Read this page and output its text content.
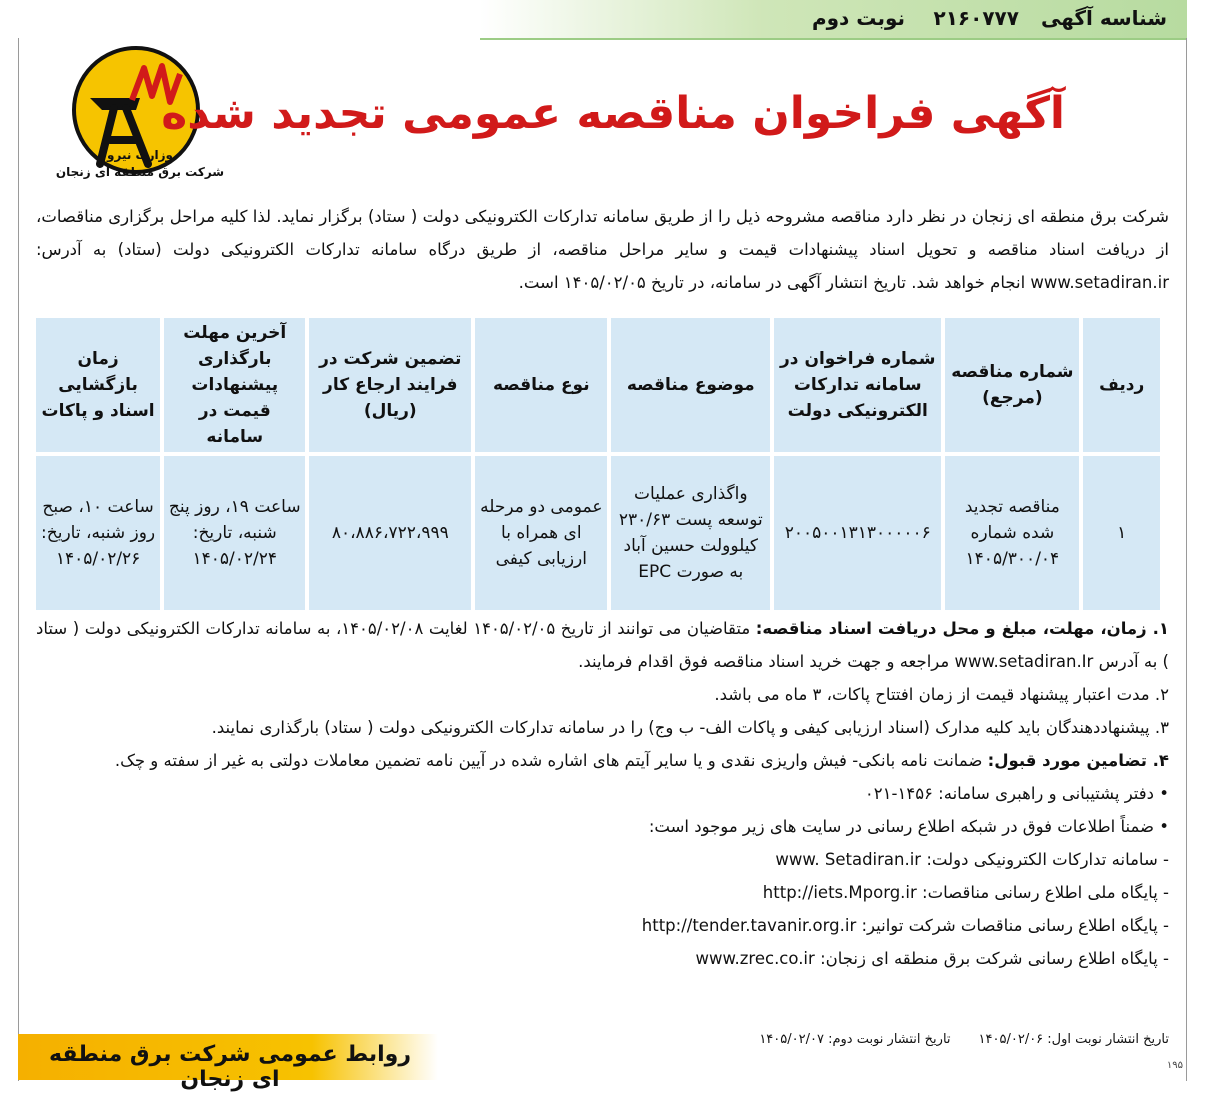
شناسه آگهی۲۱۶۰۷۷۷
نوبت دوم
وزارت نیرو
شرکت برق منطقه ای زنجان
آگهی فراخوان مناقصه عمومی تجدید شده
شرکت برق منطقه ای زنجان در نظر دارد مناقصه مشروحه ذیل را از طریق سامانه تدارکات الکترونیکی دولت ( ستاد) برگزار نماید. لذا کلیه مراحل برگزاری مناقصات، از دریافت اسناد مناقصه و تحویل اسناد پیشنهادات قیمت و سایر مراحل مناقصه، از طریق درگاه سامانه تدارکات الکترونیکی دولت (ستاد) به آدرس: www.setadiran.ir انجام خواهد شد. تاریخ انتشار آگهی در سامانه، در تاریخ ۱۴۰۵/۰۲/۰۵ است.
ردیف	شماره مناقصه (مرجع)	شماره فراخوان در سامانه تدارکات الکترونیکی دولت	موضوع مناقصه	نوع مناقصه	تضمین شرکت در فرایند ارجاع کار (ریال)	آخرین مهلت بارگذاری پیشنهادات قیمت در سامانه	زمان بازگشایی اسناد و پاکات
۱	مناقصه تجدید شده شماره ۱۴۰۵/۳۰۰/۰۴	۲۰۰۵۰۰۱۳۱۳۰۰۰۰۰۶	واگذاری عملیات توسعه پست ۲۳۰/۶۳ کیلوولت حسین آباد به صورت EPC	عمومی دو مرحله ای همراه با ارزیابی کیفی	۸۰،۸۸۶،۷۲۲،۹۹۹	ساعت ۱۹، روز پنج شنبه، تاریخ: ۱۴۰۵/۰۲/۲۴	ساعت ۱۰، صبح روز شنبه، تاریخ: ۱۴۰۵/۰۲/۲۶

۱. زمان، مهلت، مبلغ و محل دریافت اسناد مناقصه: متقاضیان می توانند از تاریخ ۱۴۰۵/۰۲/۰۵ لغایت ۱۴۰۵/۰۲/۰۸، به سامانه تدارکات الکترونیکی دولت ( ستاد ) به آدرس www.setadiran.Ir مراجعه و جهت خرید اسناد مناقصه فوق اقدام فرمایند.

۲. مدت اعتبار پیشنهاد قیمت از زمان افتتاح پاکات، ۳ ماه می باشد.

۳. پیشنهاددهندگان باید کلیه مدارک (اسناد ارزیابی کیفی و پاکات الف- ب وج) را در سامانه تدارکات الکترونیکی دولت ( ستاد) بارگذاری نمایند.

۴. تضامین مورد قبول: ضمانت نامه بانکی- فیش واریزی نقدی و یا سایر آیتم های اشاره شده در آیین نامه تضمین معاملات دولتی به غیر از سفته و چک.

• دفتر پشتیبانی و راهبری سامانه: ۱۴۵۶-۰۲۱

• ضمناً اطلاعات فوق در شبکه اطلاع رسانی در سایت های زیر موجود است:

- سامانه تدارکات الکترونیکی دولت: www. Setadiran.ir

- پایگاه ملی اطلاع رسانی مناقصات: http://iets.Mporg.ir

- پایگاه اطلاع رسانی مناقصات شرکت توانیر: http://tender.tavanir.org.ir

- پایگاه اطلاع رسانی شرکت برق منطقه ای زنجان: www.zrec.co.ir

روابط عمومی شرکت برق منطقه ای زنجان
تاریخ انتشار نوبت اول: ۱۴۰۵/۰۲/۰۶تاریخ انتشار نوبت دوم: ۱۴۰۵/۰۲/۰۷
۱۹۵
